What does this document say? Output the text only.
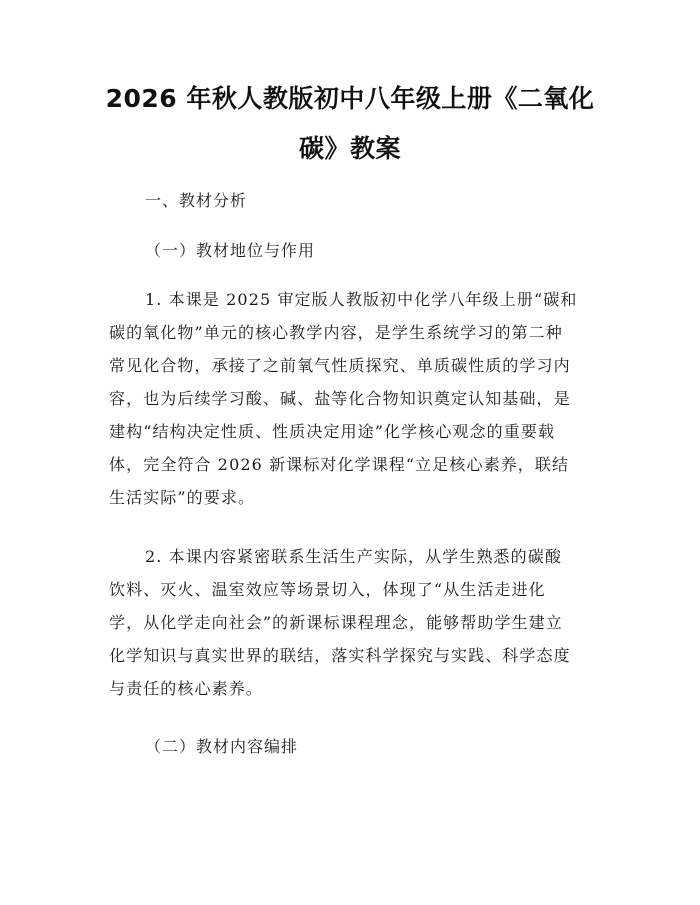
2026 年秋人教版初中八年级上册《二氧化
碳》教案
一、教材分析
（一）教材地位与作用
1. 本课是 2025 审定版人教版初中化学八年级上册“碳和
碳的氧化物”单元的核心教学内容，是学生系统学习的第二种
常见化合物，承接了之前氧气性质探究、单质碳性质的学习内
容，也为后续学习酸、碱、盐等化合物知识奠定认知基础，是
建构“结构决定性质、性质决定用途”化学核心观念的重要载
体，完全符合 2026 新课标对化学课程“立足核心素养，联结
生活实际”的要求。
2. 本课内容紧密联系生活生产实际，从学生熟悉的碳酸
饮料、灭火、温室效应等场景切入，体现了“从生活走进化
学，从化学走向社会”的新课标课程理念，能够帮助学生建立
化学知识与真实世界的联结，落实科学探究与实践、科学态度
与责任的核心素养。
（二）教材内容编排
